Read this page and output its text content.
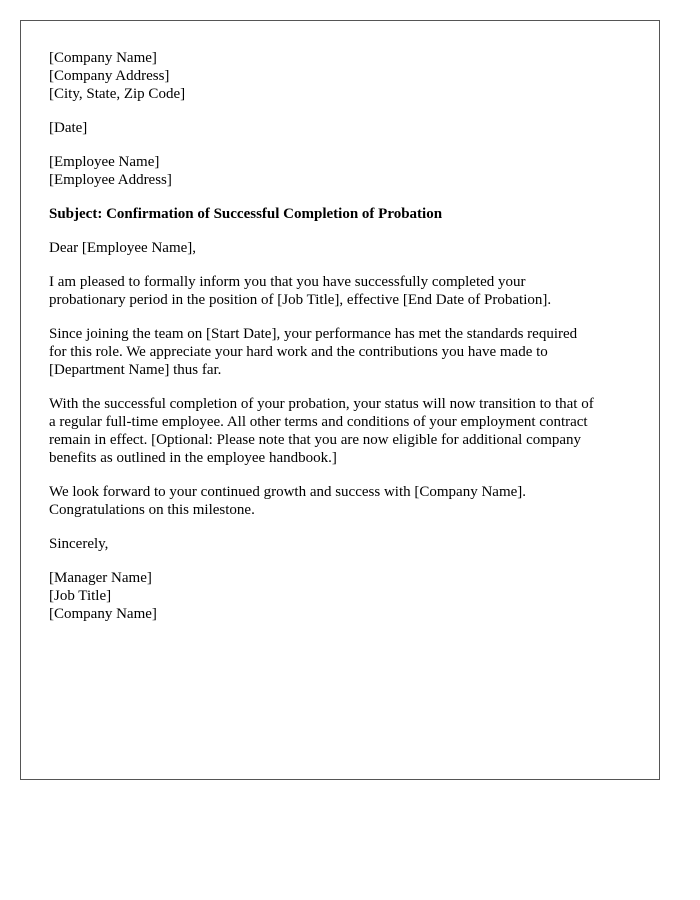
[Company Name]
[Company Address]
[City, State, Zip Code]
[Date]
[Employee Name]
[Employee Address]
Subject: Confirmation of Successful Completion of Probation
Dear [Employee Name],

I am pleased to formally inform you that you have successfully completed your
probationary period in the position of [Job Title], effective [End Date of Probation].

Since joining the team on [Start Date], your performance has met the standards required
for this role. We appreciate your hard work and the contributions you have made to
[Department Name] thus far.

With the successful completion of your probation, your status will now transition to that of
a regular full-time employee. All other terms and conditions of your employment contract
remain in effect. [Optional: Please note that you are now eligible for additional company
benefits as outlined in the employee handbook.]

We look forward to your continued growth and success with [Company Name].
Congratulations on this milestone.

Sincerely,
[Manager Name]
[Job Title]
[Company Name]
